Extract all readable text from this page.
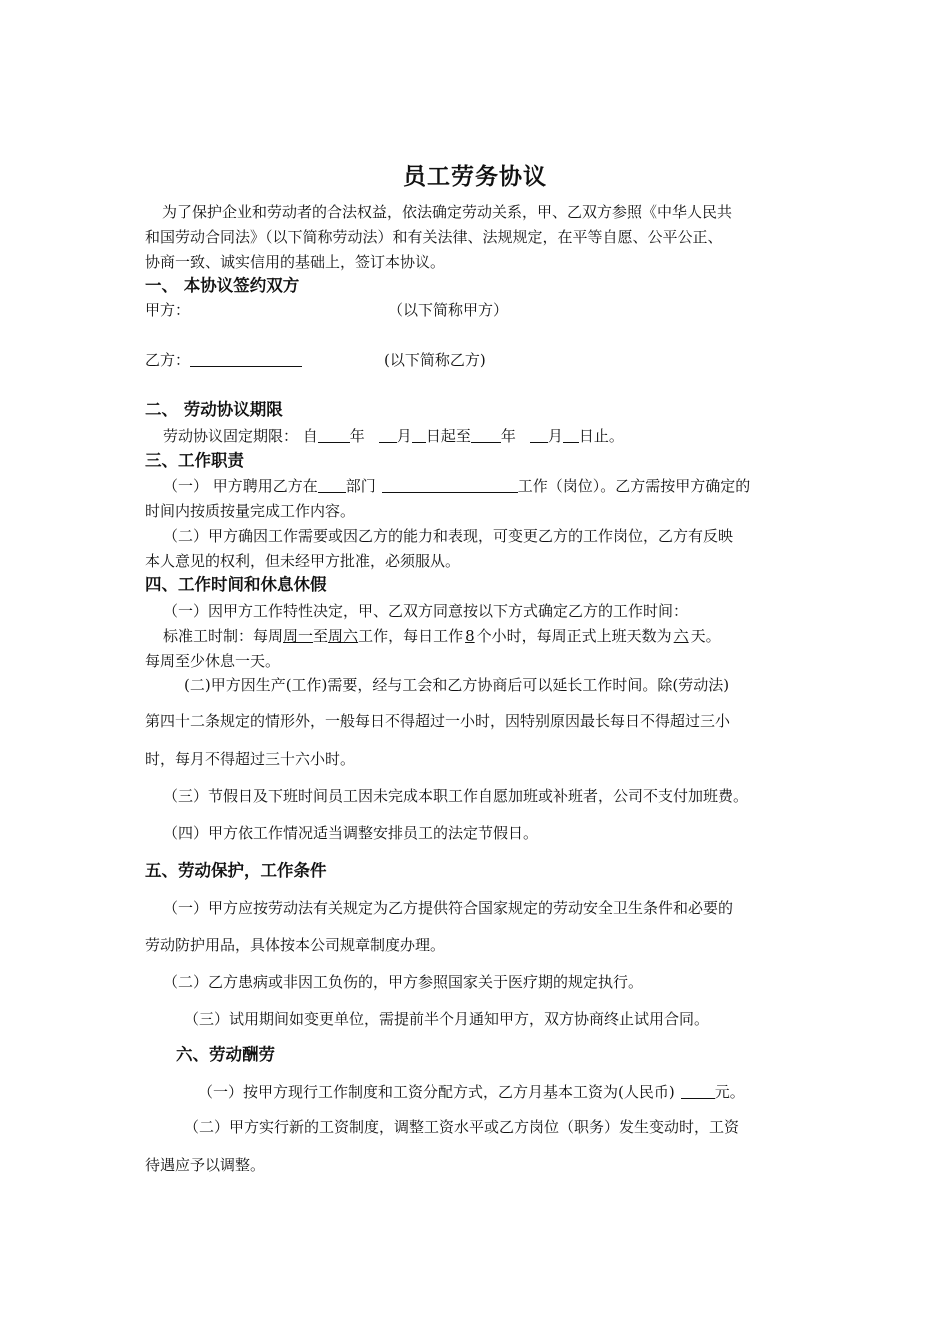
员工劳务协议
为了保护企业和劳动者的合法权益，依法确定劳动关系，甲、乙双方参照《中华人民共
和国劳动合同法》（以下简称劳动法）和有关法律、法规规定，在平等自愿、公平公正、
协商一致、诚实信用的基础上，签订本协议。
一、 本协议签约双方
甲方：	（以下简称甲方）
乙方：	(以下简称乙方)
二、 劳动协议期限
劳动协议固定期限： 自 年 月 日起至 年 月 日止。
三、工作职责
（一） 甲方聘用乙方在 部门	工作（岗位）。乙方需按甲方确定的
时间内按质按量完成工作内容。
（二）甲方确因工作需要或因乙方的能力和表现，可变更乙方的工作岗位，乙方有反映
本人意见的权利，但未经甲方批准，必须服从。
四、工作时间和休息休假
（一）因甲方工作特性决定，甲、乙双方同意按以下方式确定乙方的工作时间：
标准工时制：每周周一至周六工作，每日工作 8 个小时，每周正式上班天数为 六 天。
每周至少休息一天。
(二)甲方因生产(工作)需要，经与工会和乙方协商后可以延长工作时间。除(劳动法)
第四十二条规定的情形外，一般每日不得超过一小时，因特别原因最长每日不得超过三小
时，每月不得超过三十六小时。
（三）节假日及下班时间员工因未完成本职工作自愿加班或补班者，公司不支付加班费。
（四）甲方依工作情况适当调整安排员工的法定节假日。
五、劳动保护，工作条件
（一）甲方应按劳动法有关规定为乙方提供符合国家规定的劳动安全卫生条件和必要的
劳动防护用品，具体按本公司规章制度办理。
（二）乙方患病或非因工负伤的，甲方参照国家关于医疗期的规定执行。
（三）试用期间如变更单位，需提前半个月通知甲方，双方协商终止试用合同。
六、劳动酬劳
（一）按甲方现行工作制度和工资分配方式，乙方月基本工资为(人民币)	元。
（二）甲方实行新的工资制度，调整工资水平或乙方岗位（职务）发生变动时，工资
待遇应予以调整。
